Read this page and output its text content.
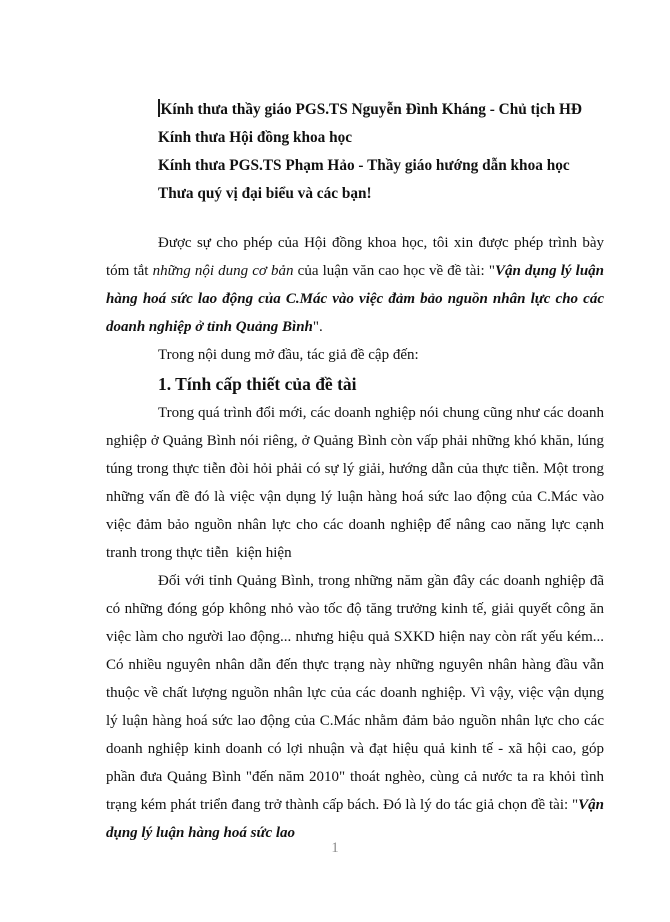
Kính thưa thầy giáo PGS.TS Nguyễn Đình Kháng - Chủ tịch HĐ

Kính thưa Hội đồng khoa học

Kính thưa PGS.TS Phạm Hảo - Thầy giáo hướng dẫn khoa học

Thưa quý vị đại biểu và các bạn!

Được sự cho phép của Hội đồng khoa học, tôi xin được phép trình bày tóm tắt những nội dung cơ bản của luận văn cao học về đề tài: "Vận dụng lý luận hàng hoá sức lao động của C.Mác vào việc đảm bảo nguồn nhân lực cho các doanh nghiệp ở tỉnh Quảng Bình".

Trong nội dung mở đầu, tác giả đề cập đến:

1. Tính cấp thiết của đề tài

Trong quá trình đổi mới, các doanh nghiệp nói chung cũng như các doanh nghiệp ở Quảng Bình nói riêng, ở Quảng Bình còn vấp phải những khó khăn, lúng túng trong thực tiễn đòi hỏi phải có sự lý giải, hướng dẫn của thực tiễn. Một trong những vấn đề đó là việc vận dụng lý luận hàng hoá sức lao động của C.Mác vào việc đảm bảo nguồn nhân lực cho các doanh nghiệp để nâng cao năng lực cạnh tranh trong thực tiễn  kiện hiện

Đối với tỉnh Quảng Bình, trong những năm gần đây các doanh nghiệp đã có những đóng góp không nhỏ vào tốc độ tăng trưởng kinh tế, giải quyết công ăn việc làm cho người lao động... nhưng hiệu quả SXKD hiện nay còn rất yếu kém... Có nhiều nguyên nhân dẫn đến thực trạng này những nguyên nhân hàng đầu vẫn thuộc về chất lượng nguồn nhân lực của các doanh nghiệp. Vì vậy, việc vận dụng lý luận hàng hoá sức lao động của C.Mác nhằm đảm bảo nguồn nhân lực cho các doanh nghiệp kinh doanh có lợi nhuận và đạt hiệu quả kinh tế - xã hội cao, góp phần đưa Quảng Bình "đến năm 2010" thoát nghèo, cùng cả nước ta ra khỏi tình trạng kém phát triển đang trở thành cấp bách. Đó là lý do tác giả chọn đề tài: "Vận dụng lý luận hàng hoá sức lao

1
